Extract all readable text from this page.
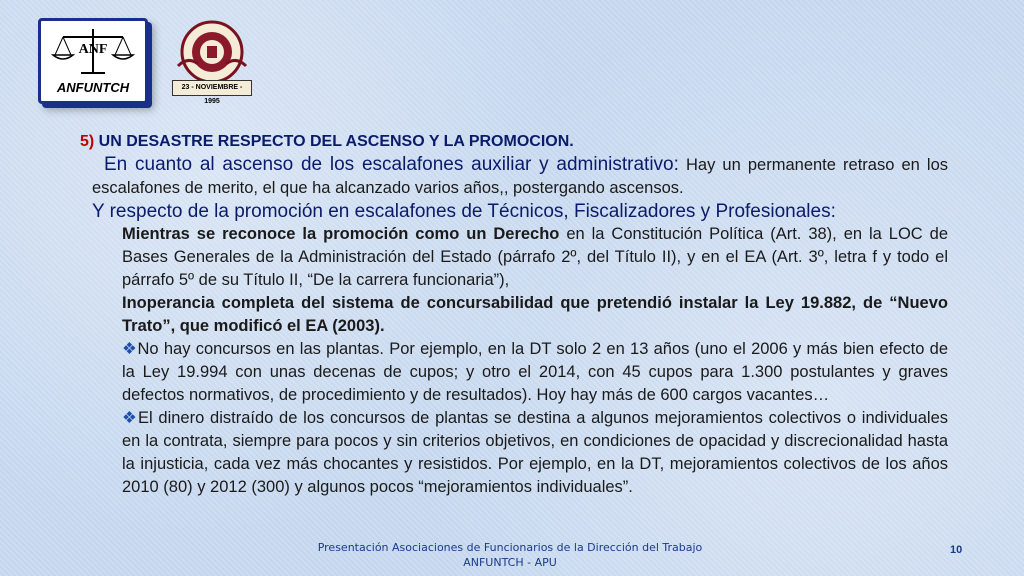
ANF
ANFUNTCH	23 - NOVIEMBRE - 1995

5) UN DESASTRE RESPECTO DEL ASCENSO Y LA PROMOCION.

En cuanto al ascenso de los escalafones auxiliar y administrativo: Hay un permanente retraso en los escalafones de merito, el que ha alcanzado varios años,, postergando ascensos.

Y respecto de la promoción en escalafones de Técnicos, Fiscalizadores y Profesionales:

Mientras se reconoce la promoción como un Derecho en la Constitución Política (Art. 38), en la LOC de Bases Generales de la Administración del Estado (párrafo 2º, del Título II), y en el EA (Art. 3º, letra f y todo el párrafo 5º de su Título II, “De la carrera funcionaria”),

Inoperancia completa del sistema de concursabilidad que pretendió instalar la Ley 19.882, de “Nuevo Trato”, que modificó el EA (2003).

❖No hay concursos en las plantas. Por ejemplo, en la DT solo 2 en 13 años (uno el 2006 y más bien efecto de la Ley 19.994 con unas decenas de cupos; y otro el 2014, con 45 cupos para 1.300 postulantes y graves defectos normativos, de procedimiento y de resultados). Hoy hay más de 600 cargos vacantes…

❖El dinero distraído de los concursos de plantas se destina a algunos mejoramientos colectivos o individuales en la contrata, siempre para pocos y sin criterios objetivos, en condiciones de opacidad y discrecionalidad hasta la injusticia, cada vez más chocantes y resistidos. Por ejemplo, en la DT, mejoramientos colectivos de los años 2010 (80) y 2012 (300) y algunos pocos “mejoramientos individuales”.

Presentación Asociaciones de Funcionarios de la Dirección del Trabajo
ANFUNTCH - APU
10
